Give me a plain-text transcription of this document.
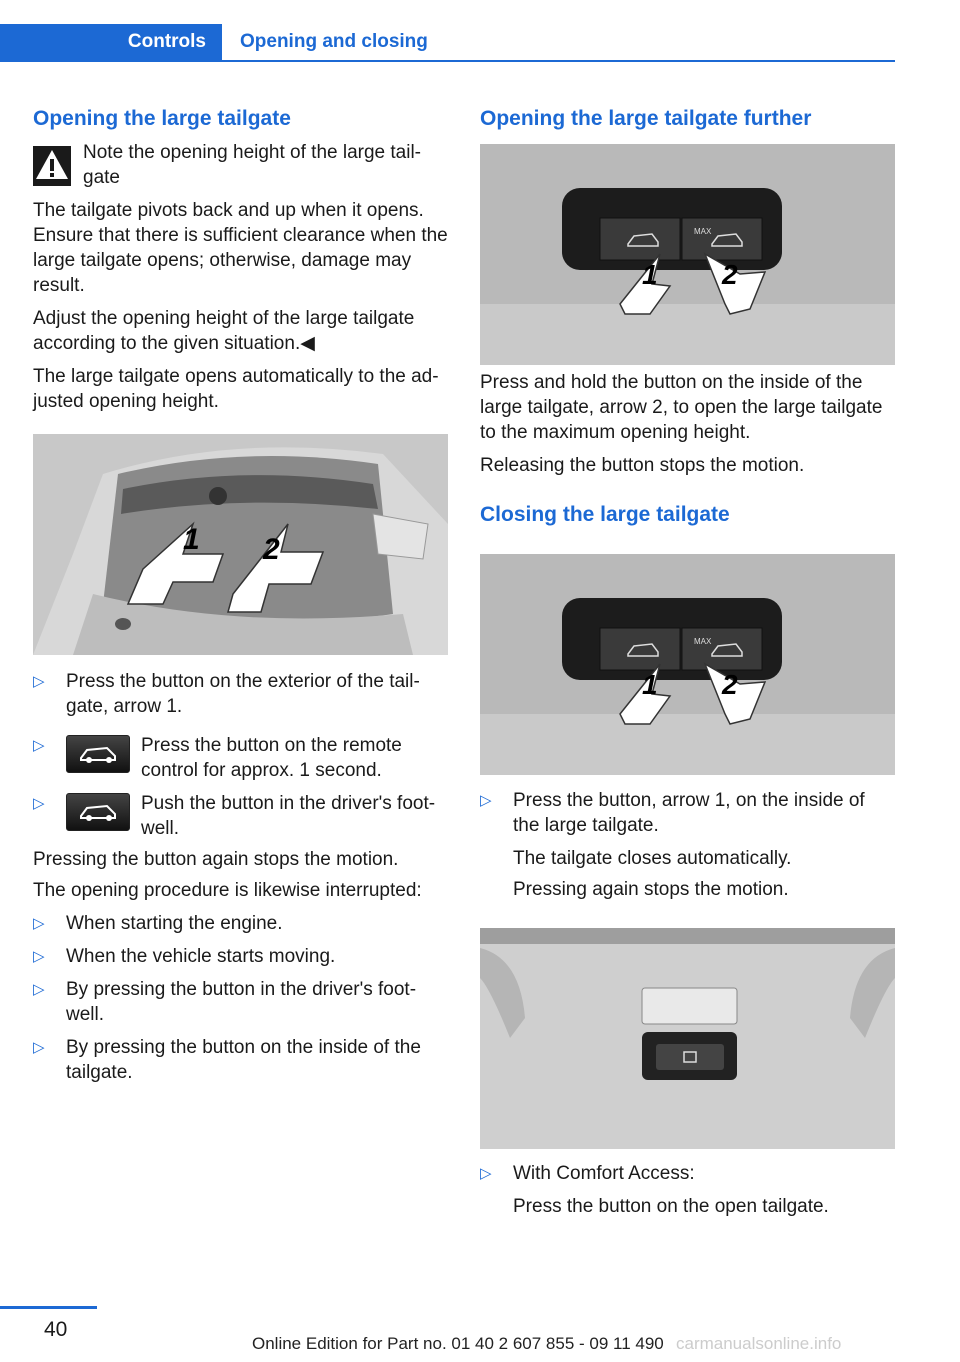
Controls Opening and closing
Opening the large tailgate

Note the opening height of the large tail-gate

The tailgate pivots back and up when it opens. Ensure that there is sufficient clearance when the large tailgate opens; otherwise, damage may result.

Adjust the opening height of the large tailgate according to the given situation.◀

The large tailgate opens automatically to the ad-justed opening height.

1 2
▷ Press the button on the exterior of the tail-gate, arrow 1.

▷	Press the button on the remote control for approx. 1 second.

▷	Push the button in the driver's foot-well.

Pressing the button again stops the motion.

The opening procedure is likewise interrupted:

▷ When starting the engine.

▷ When the vehicle starts moving.

▷ By pressing the button in the driver's foot-well.

▷ By pressing the button on the inside of the tailgate.

Opening the large tailgate further
MAX
1 2

Press and hold the button on the inside of the large tailgate, arrow 2, to open the large tailgate to the maximum opening height.

Releasing the button stops the motion.

Closing the large tailgate
MAX
1 2
▷ Press the button, arrow 1, on the inside of the large tailgate.

The tailgate closes automatically.

Pressing again stops the motion.

▷ With Comfort Access:

Press the button on the open tailgate.

40
Online Edition for Part no. 01 40 2 607 855 - 09 11 490 carmanualsonline.info
